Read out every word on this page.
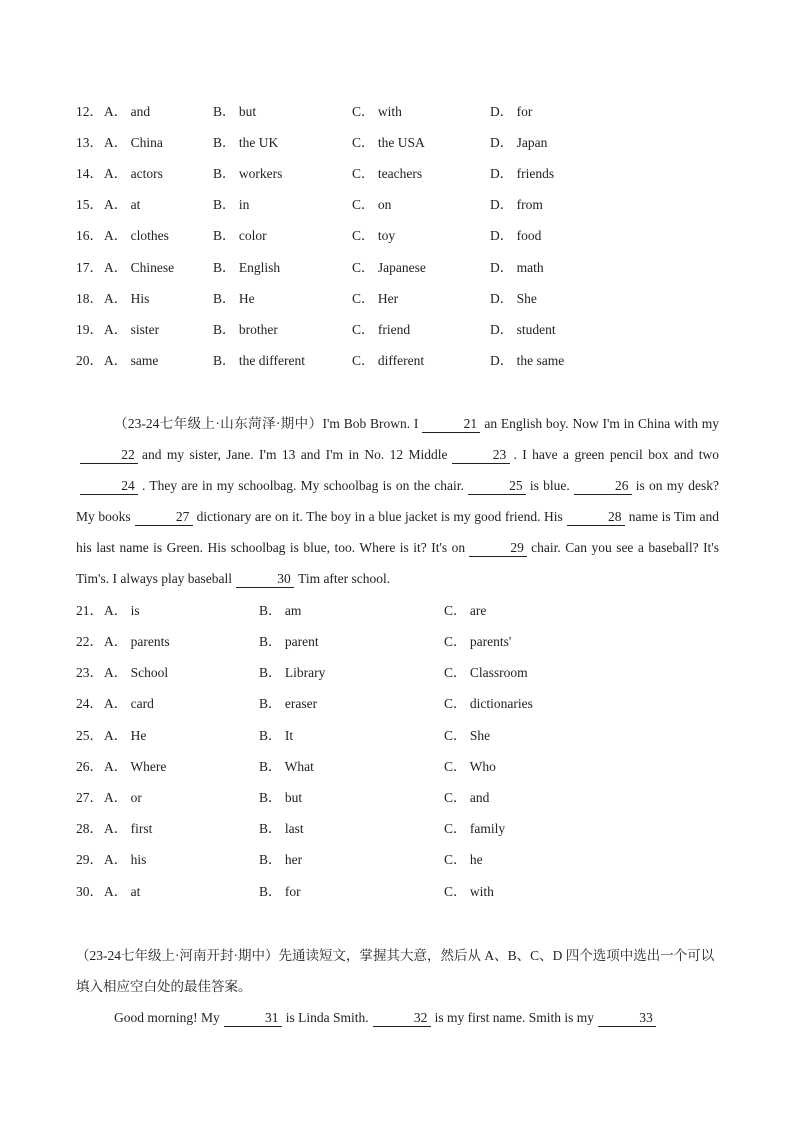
12． A． and	B． but	C． with	D． for
13． A． China	B． the UK	C． the USA	D． Japan
14． A． actors	B． workers	C． teachers	D． friends
15． A． at	B． in	C． on	D． from
16． A． clothes	B． color	C． toy	D． food
17． A． Chinese	B． English	C． Japanese	D． math
18． A． His	B． He	C． Her	D． She
19． A． sister	B． brother	C． friend	D． student
20． A． same	B． the different	C． different	D． the same
（23-24七年级上·山东菏泽·期中）I'm Bob Brown. I	21 an English boy. Now I'm in China with my22 and my sister, Jane. I'm 13 and I'm in No. 12 Middle	23 . I have a green pencil box and two24 . They are in my schoolbag. My schoolbag is on the chair.	25 is blue.	26 is on my desk? My books	27 dictionary are on it. The boy in a blue jacket is my good friend. His	28 name is Tim and his last name is Green. His schoolbag is blue, too. Where is it? It's on	29 chair. Can you see a baseball? It's Tim's. I always play baseball	30 Tim after school.
21． A． is	B． am	C． are
22． A． parents	B． parent	C． parents'
23． A． School	B． Library	C． Classroom
24． A． card	B． eraser	C． dictionaries
25． A． He	B． It	C． She
26． A． Where	B． What	C． Who
27． A． or	B． but	C． and
28． A． first	B． last	C． family
29． A． his	B． her	C． he
30． A． at	B． for	C． with
（23-24七年级上·河南开封·期中）先通读短文，掌握其大意，然后从 A、B、C、D 四个选项中选出一个可以填入相应空白处的最佳答案。
Good morning! My	31 is Linda Smith.	32 is my first name. Smith is my	33
